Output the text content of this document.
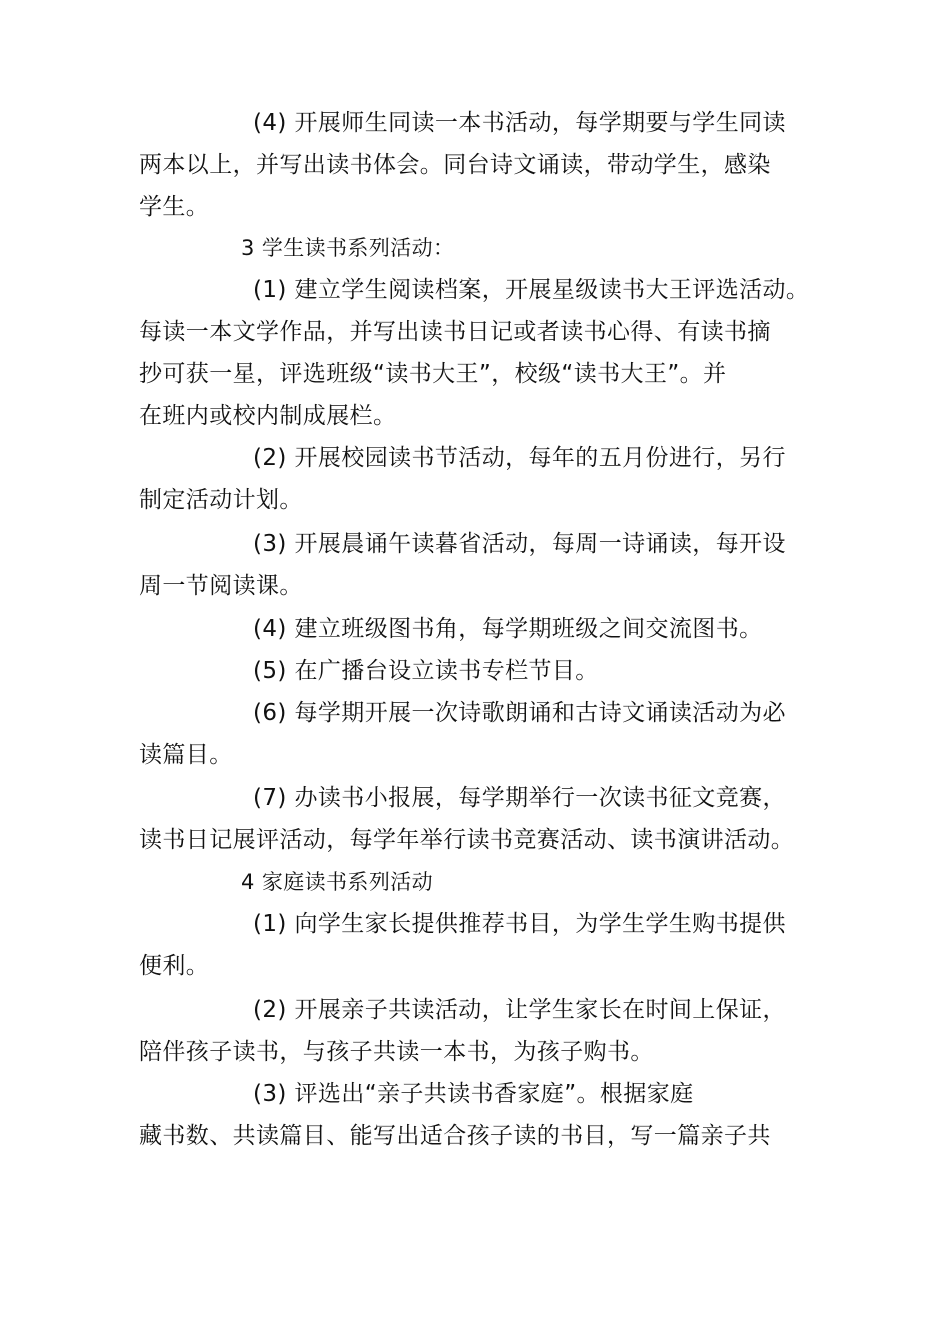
(4) 开展师生同读一本书活动，每学期要与学生同读
两本以上，并写出读书体会。同台诗文诵读，带动学生，感染
学生。
3 学生读书系列活动：
(1) 建立学生阅读档案，开展星级读书大王评选活动。
每读一本文学作品，并写出读书日记或者读书心得、有读书摘
抄可获一星，评选班级“读书大王”，校级“读书大王”。并
在班内或校内制成展栏。
(2) 开展校园读书节活动，每年的五月份进行，另行
制定活动计划。
(3) 开展晨诵午读暮省活动，每周一诗诵读，每开设
周一节阅读课。
(4) 建立班级图书角，每学期班级之间交流图书。
(5) 在广播台设立读书专栏节目。
(6) 每学期开展一次诗歌朗诵和古诗文诵读活动为必
读篇目。
(7) 办读书小报展，每学期举行一次读书征文竞赛，
读书日记展评活动，每学年举行读书竞赛活动、读书演讲活动。
4 家庭读书系列活动
(1) 向学生家长提供推荐书目，为学生学生购书提供
便利。
(2) 开展亲子共读活动，让学生家长在时间上保证，
陪伴孩子读书，与孩子共读一本书，为孩子购书。
(3) 评选出“亲子共读书香家庭”。根据家庭
藏书数、共读篇目、能写出适合孩子读的书目，写一篇亲子共
